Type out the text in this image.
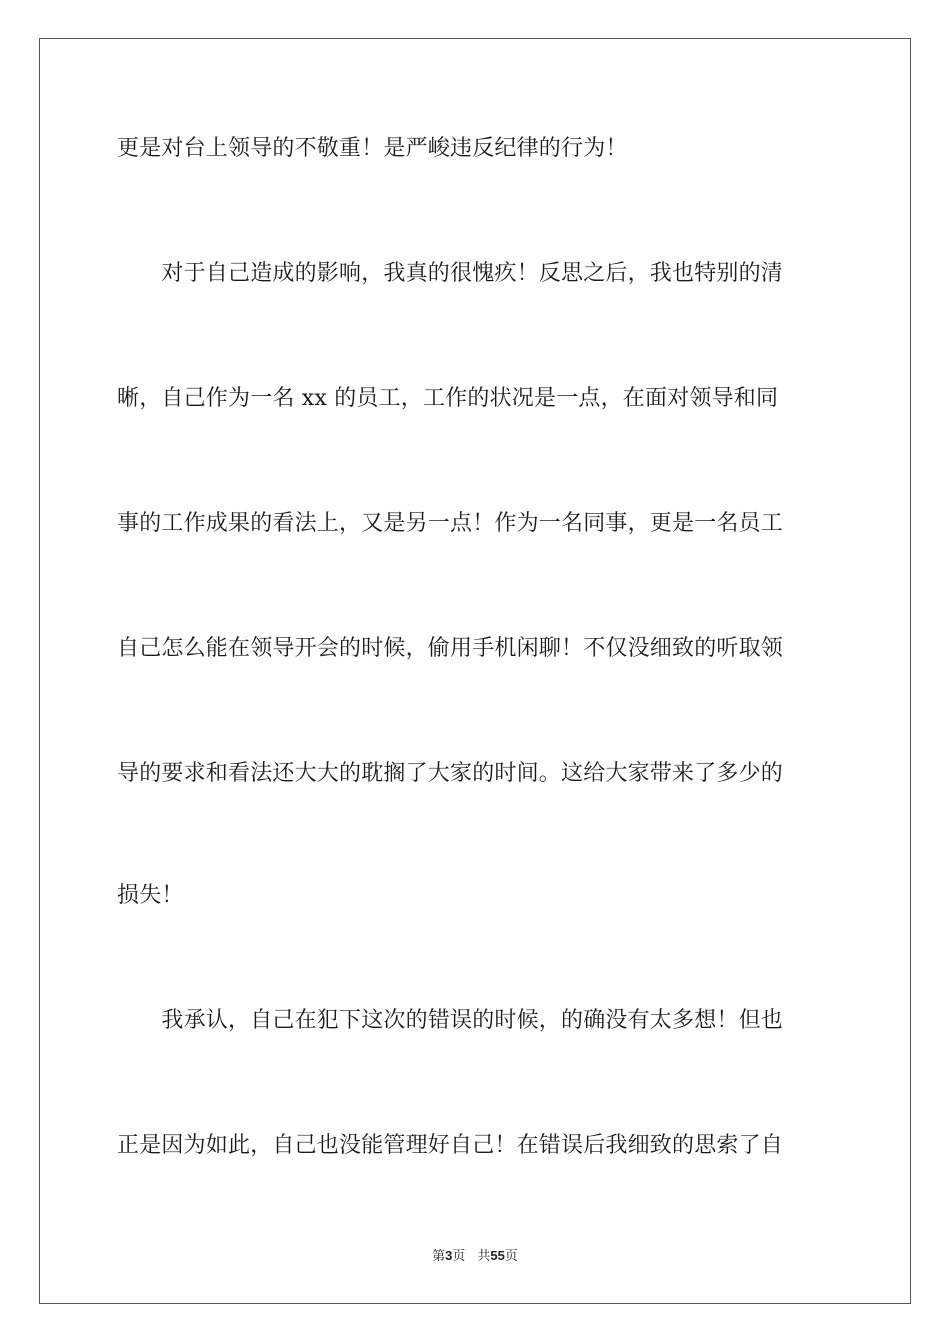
更是对台上领导的不敬重！是严峻违反纪律的行为！
　　对于自己造成的影响，我真的很愧疚！反思之后，我也特别的清
晰，自己作为一名 xx 的员工，工作的状况是一点，在面对领导和同
事的工作成果的看法上，又是另一点！作为一名同事，更是一名员工
自己怎么能在领导开会的时候，偷用手机闲聊！不仅没细致的听取领
导的要求和看法还大大的耽搁了大家的时间。这给大家带来了多少的
损失！
　　我承认，自己在犯下这次的错误的时候，的确没有太多想！但也
正是因为如此，自己也没能管理好自己！在错误后我细致的思索了自
第3页 共55页
